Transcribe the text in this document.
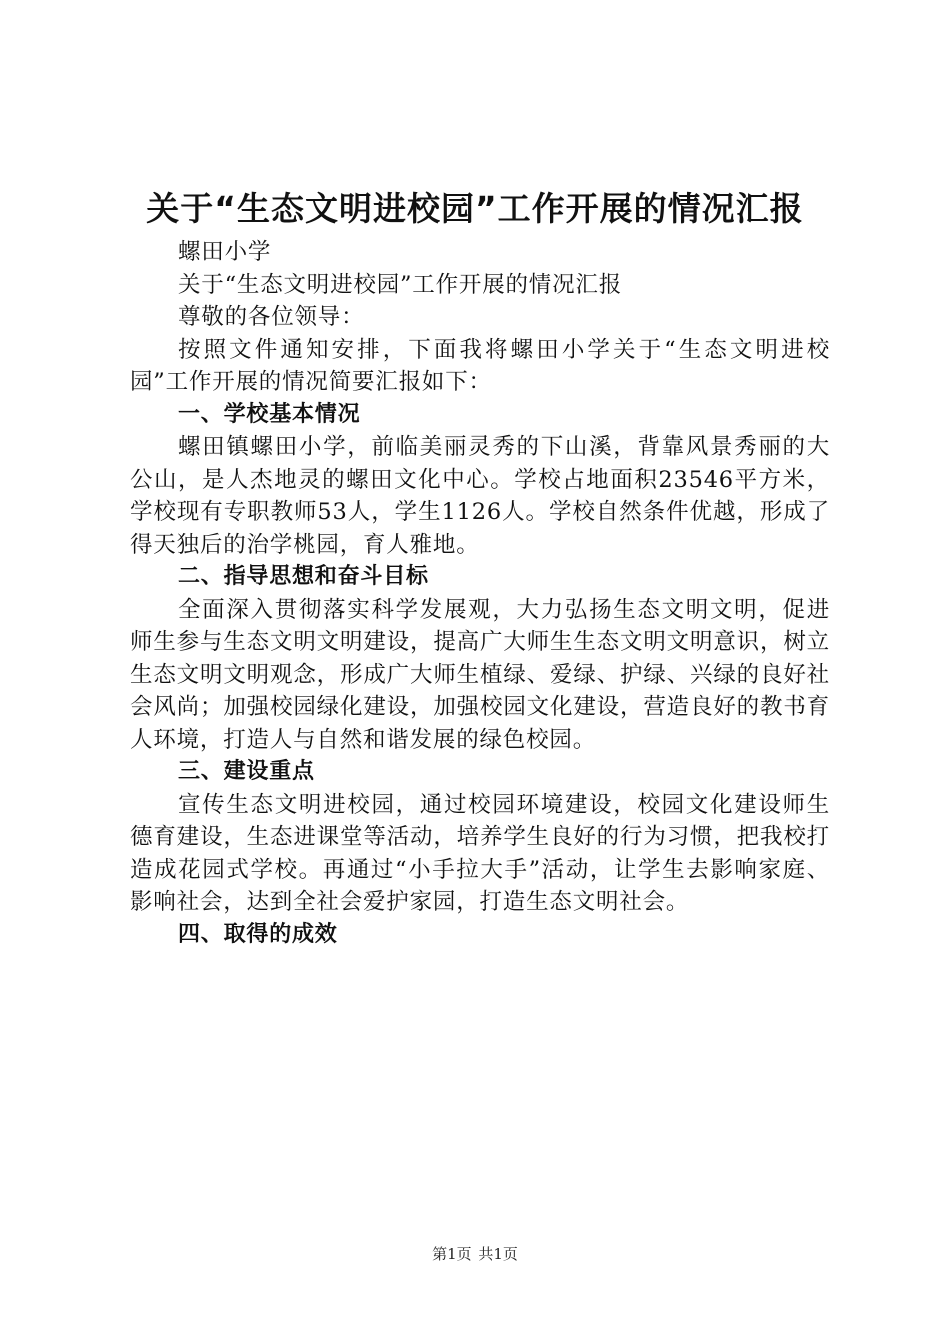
关于“生态文明进校园”工作开展的情况汇报

螺田小学

关于“生态文明进校园”工作开展的情况汇报

尊敬的各位领导：

按照文件通知安排，下面我将螺田小学关于“生态文明进校园”工作开展的情况简要汇报如下：

一、学校基本情况

螺田镇螺田小学，前临美丽灵秀的下山溪，背靠风景秀丽的大公山，是人杰地灵的螺田文化中心。学校占地面积23546平方米，学校现有专职教师53人，学生1126人。学校自然条件优越，形成了得天独后的治学桃园，育人雅地。

二、指导思想和奋斗目标

全面深入贯彻落实科学发展观，大力弘扬生态文明文明，促进师生参与生态文明文明建设，提高广大师生生态文明文明意识，树立生态文明文明观念，形成广大师生植绿、爱绿、护绿、兴绿的良好社会风尚；加强校园绿化建设，加强校园文化建设，营造良好的教书育人环境，打造人与自然和谐发展的绿色校园。

三、建设重点

宣传生态文明进校园，通过校园环境建设，校园文化建设师生德育建设，生态进课堂等活动，培养学生良好的行为习惯，把我校打造成花园式学校。再通过“小手拉大手”活动，让学生去影响家庭、影响社会，达到全社会爱护家园，打造生态文明社会。

四、取得的成效

第1页 共1页
